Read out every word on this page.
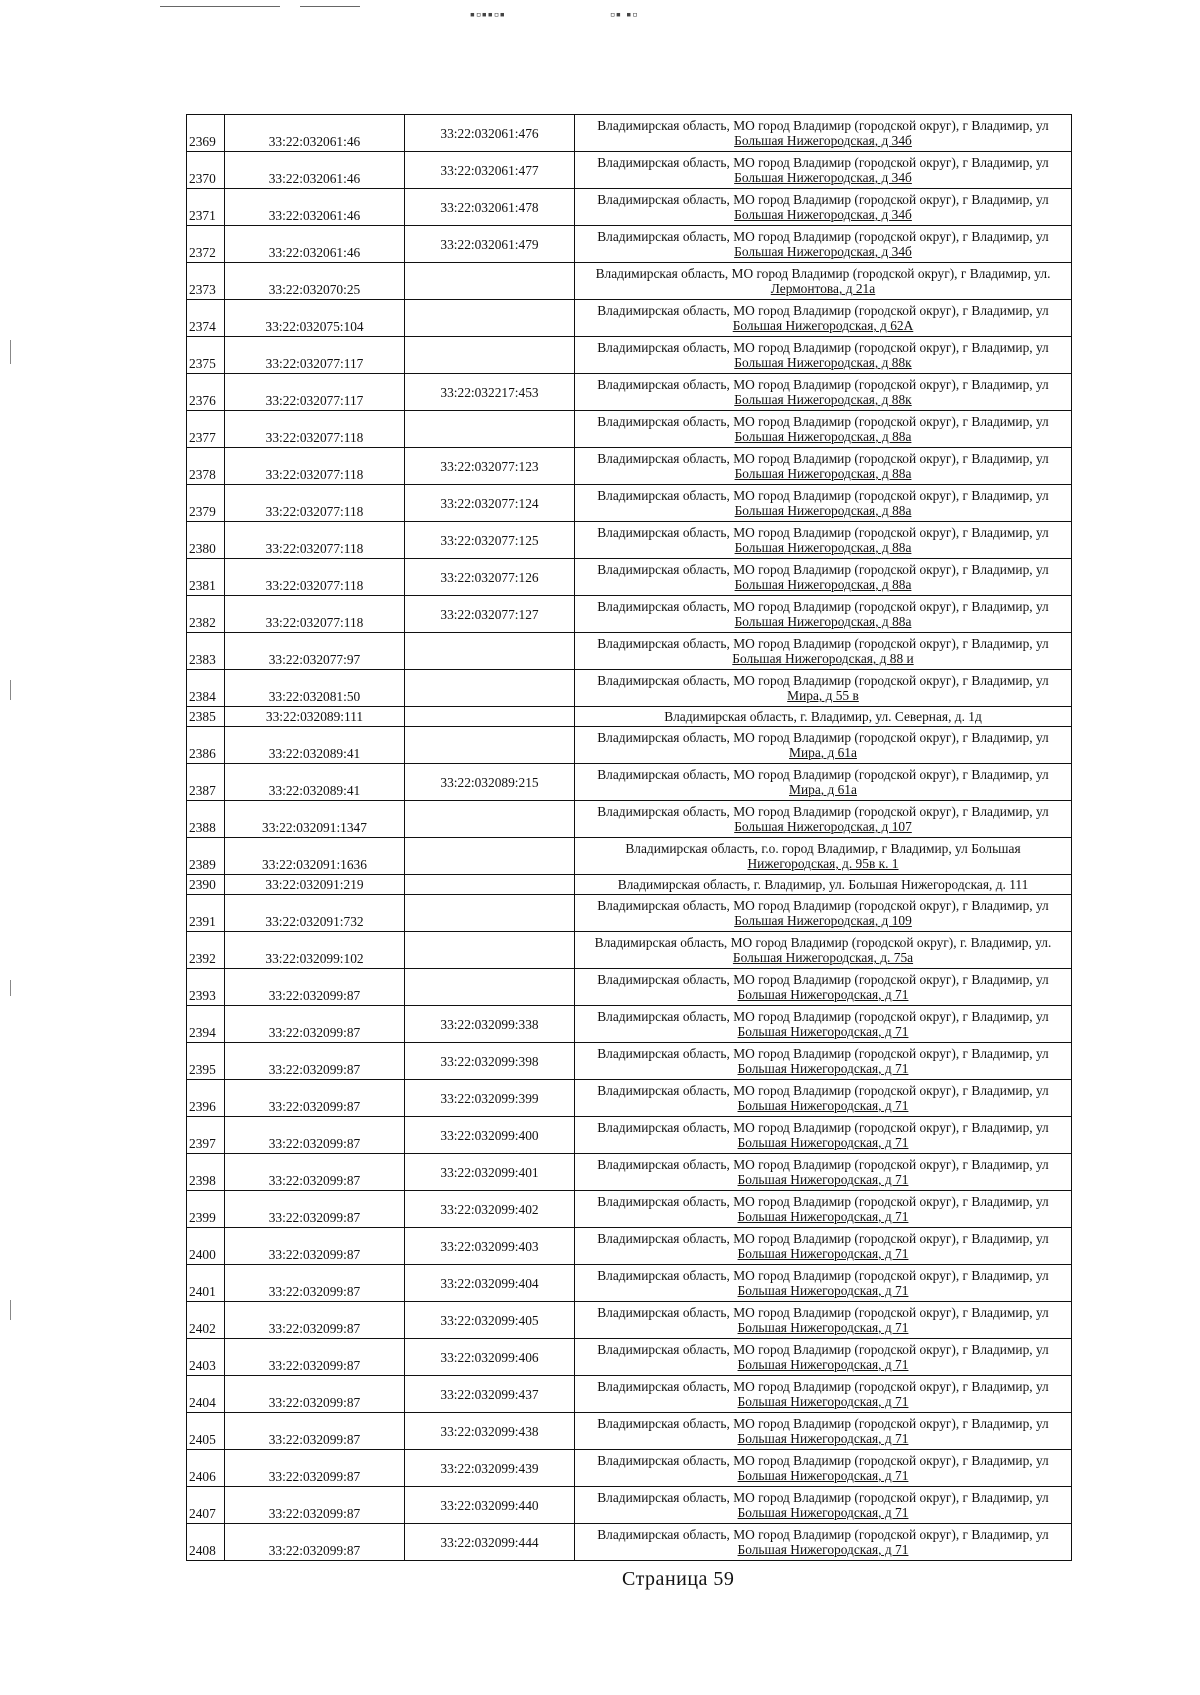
▪▫▪▪▫▪	▫▪ ▪▫
2369	33:22:032061:46	33:22:032061:476	Владимирская область, МО город Владимир (городской округ), г Владимир, ул
Большая Нижегородская, д 34б

2370	33:22:032061:46	33:22:032061:477	Владимирская область, МО город Владимир (городской округ), г Владимир, ул
Большая Нижегородская, д 34б

2371	33:22:032061:46	33:22:032061:478	Владимирская область, МО город Владимир (городской округ), г Владимир, ул
Большая Нижегородская, д 34б

2372	33:22:032061:46	33:22:032061:479	Владимирская область, МО город Владимир (городской округ), г Владимир, ул
Большая Нижегородская, д 34б

2373	33:22:032070:25		Владимирская область, МО город Владимир (городской округ), г Владимир, ул.
Лермонтова, д 21а

2374	33:22:032075:104		Владимирская область, МО город Владимир (городской округ), г Владимир, ул
Большая Нижегородская, д 62А

2375	33:22:032077:117		Владимирская область, МО город Владимир (городской округ), г Владимир, ул
Большая Нижегородская, д 88к

2376	33:22:032077:117	33:22:032217:453	Владимирская область, МО город Владимир (городской округ), г Владимир, ул
Большая Нижегородская, д 88к

2377	33:22:032077:118		Владимирская область, МО город Владимир (городской округ), г Владимир, ул
Большая Нижегородская, д 88а

2378	33:22:032077:118	33:22:032077:123	Владимирская область, МО город Владимир (городской округ), г Владимир, ул
Большая Нижегородская, д 88а

2379	33:22:032077:118	33:22:032077:124	Владимирская область, МО город Владимир (городской округ), г Владимир, ул
Большая Нижегородская, д 88а

2380	33:22:032077:118	33:22:032077:125	Владимирская область, МО город Владимир (городской округ), г Владимир, ул
Большая Нижегородская, д 88а

2381	33:22:032077:118	33:22:032077:126	Владимирская область, МО город Владимир (городской округ), г Владимир, ул
Большая Нижегородская, д 88а

2382	33:22:032077:118	33:22:032077:127	Владимирская область, МО город Владимир (городской округ), г Владимир, ул
Большая Нижегородская, д 88а

2383	33:22:032077:97		Владимирская область, МО город Владимир (городской округ), г Владимир, ул
Большая Нижегородская, д 88 и

2384	33:22:032081:50		Владимирская область, МО город Владимир (городской округ), г Владимир, ул
Мира, д 55 в

2385	33:22:032089:111		Владимирская область, г. Владимир, ул. Северная, д. 1д

2386	33:22:032089:41		Владимирская область, МО город Владимир (городской округ), г Владимир, ул
Мира, д 61а

2387	33:22:032089:41	33:22:032089:215	Владимирская область, МО город Владимир (городской округ), г Владимир, ул
Мира, д 61а

2388	33:22:032091:1347		Владимирская область, МО город Владимир (городской округ), г Владимир, ул
Большая Нижегородская, д 107

2389	33:22:032091:1636		Владимирская область, г.о. город Владимир, г Владимир, ул Большая
Нижегородская, д. 95в к. 1

2390	33:22:032091:219		Владимирская область, г. Владимир, ул. Большая Нижегородская, д. 111

2391	33:22:032091:732		Владимирская область, МО город Владимир (городской округ), г Владимир, ул
Большая Нижегородская, д 109

2392	33:22:032099:102		Владимирская область, МО город Владимир (городской округ), г. Владимир, ул.
Большая Нижегородская, д. 75а

2393	33:22:032099:87		Владимирская область, МО город Владимир (городской округ), г Владимир, ул
Большая Нижегородская, д 71

2394	33:22:032099:87	33:22:032099:338	Владимирская область, МО город Владимир (городской округ), г Владимир, ул
Большая Нижегородская, д 71

2395	33:22:032099:87	33:22:032099:398	Владимирская область, МО город Владимир (городской округ), г Владимир, ул
Большая Нижегородская, д 71

2396	33:22:032099:87	33:22:032099:399	Владимирская область, МО город Владимир (городской округ), г Владимир, ул
Большая Нижегородская, д 71

2397	33:22:032099:87	33:22:032099:400	Владимирская область, МО город Владимир (городской округ), г Владимир, ул
Большая Нижегородская, д 71

2398	33:22:032099:87	33:22:032099:401	Владимирская область, МО город Владимир (городской округ), г Владимир, ул
Большая Нижегородская, д 71

2399	33:22:032099:87	33:22:032099:402	Владимирская область, МО город Владимир (городской округ), г Владимир, ул
Большая Нижегородская, д 71

2400	33:22:032099:87	33:22:032099:403	Владимирская область, МО город Владимир (городской округ), г Владимир, ул
Большая Нижегородская, д 71

2401	33:22:032099:87	33:22:032099:404	Владимирская область, МО город Владимир (городской округ), г Владимир, ул
Большая Нижегородская, д 71

2402	33:22:032099:87	33:22:032099:405	Владимирская область, МО город Владимир (городской округ), г Владимир, ул
Большая Нижегородская, д 71

2403	33:22:032099:87	33:22:032099:406	Владимирская область, МО город Владимир (городской округ), г Владимир, ул
Большая Нижегородская, д 71

2404	33:22:032099:87	33:22:032099:437	Владимирская область, МО город Владимир (городской округ), г Владимир, ул
Большая Нижегородская, д 71

2405	33:22:032099:87	33:22:032099:438	Владимирская область, МО город Владимир (городской округ), г Владимир, ул
Большая Нижегородская, д 71

2406	33:22:032099:87	33:22:032099:439	Владимирская область, МО город Владимир (городской округ), г Владимир, ул
Большая Нижегородская, д 71

2407	33:22:032099:87	33:22:032099:440	Владимирская область, МО город Владимир (городской округ), г Владимир, ул
Большая Нижегородская, д 71

2408	33:22:032099:87	33:22:032099:444	Владимирская область, МО город Владимир (городской округ), г Владимир, ул
Большая Нижегородская, д 71
Страница 59
